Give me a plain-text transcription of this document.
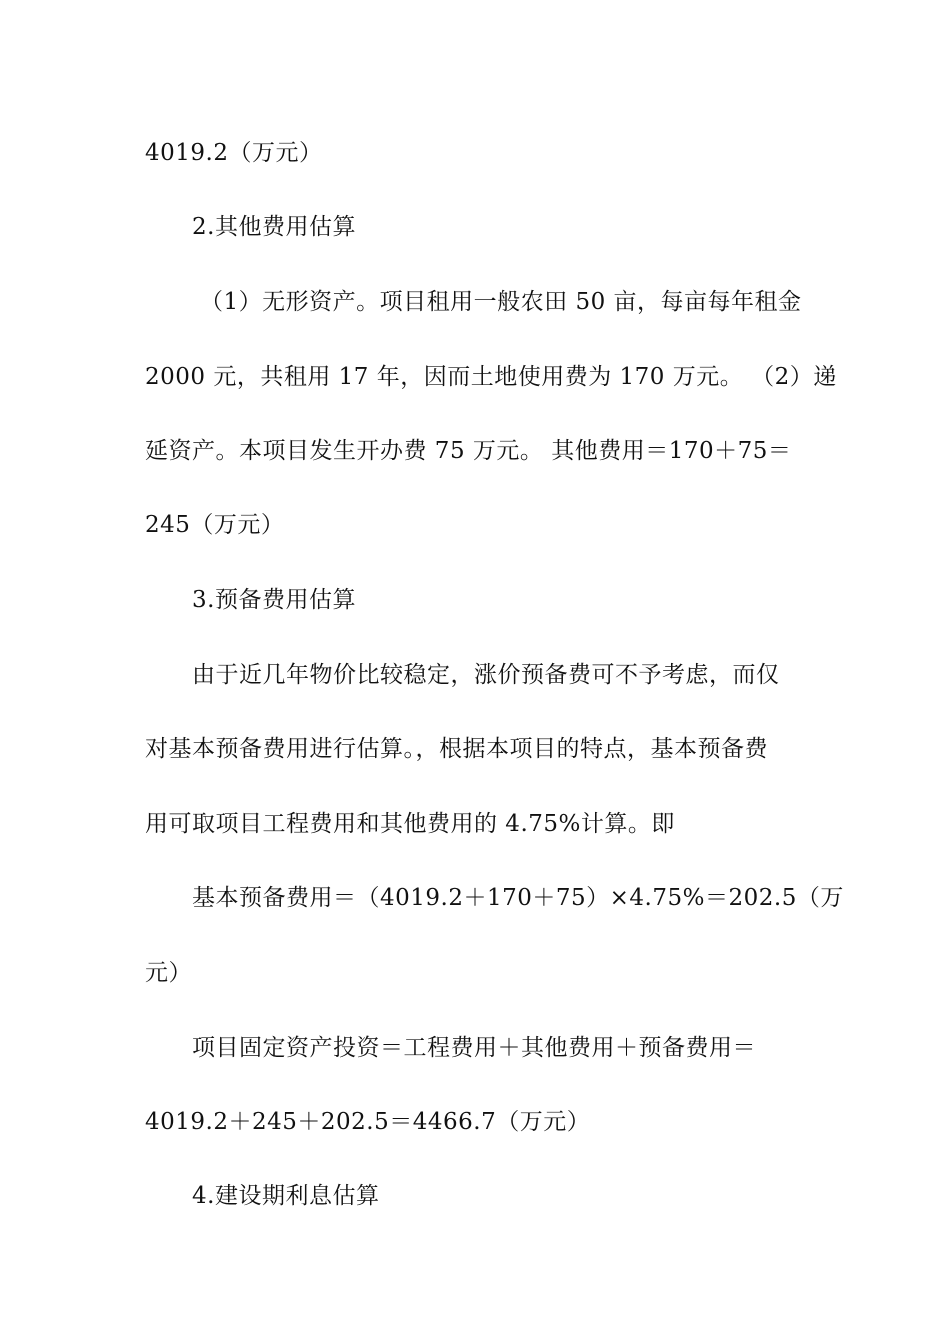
4019.2（万元）
2.其他费用估算
（1）无形资产。项目租用一般农田 50 亩，每亩每年租金
2000 元，共租用 17 年，因而土地使用费为 170 万元。 （2）递
延资产。本项目发生开办费 75 万元。 其他费用＝170＋75＝
245（万元）
3.预备费用估算
由于近几年物价比较稳定，涨价预备费可不予考虑，而仅
对基本预备费用进行估算。，根据本项目的特点，基本预备费
用可取项目工程费用和其他费用的 4.75%计算。即
基本预备费用＝（4019.2＋170＋75）×4.75%＝202.5（万
元）
项目固定资产投资＝工程费用＋其他费用＋预备费用＝
4019.2＋245＋202.5＝4466.7（万元）
4.建设期利息估算
